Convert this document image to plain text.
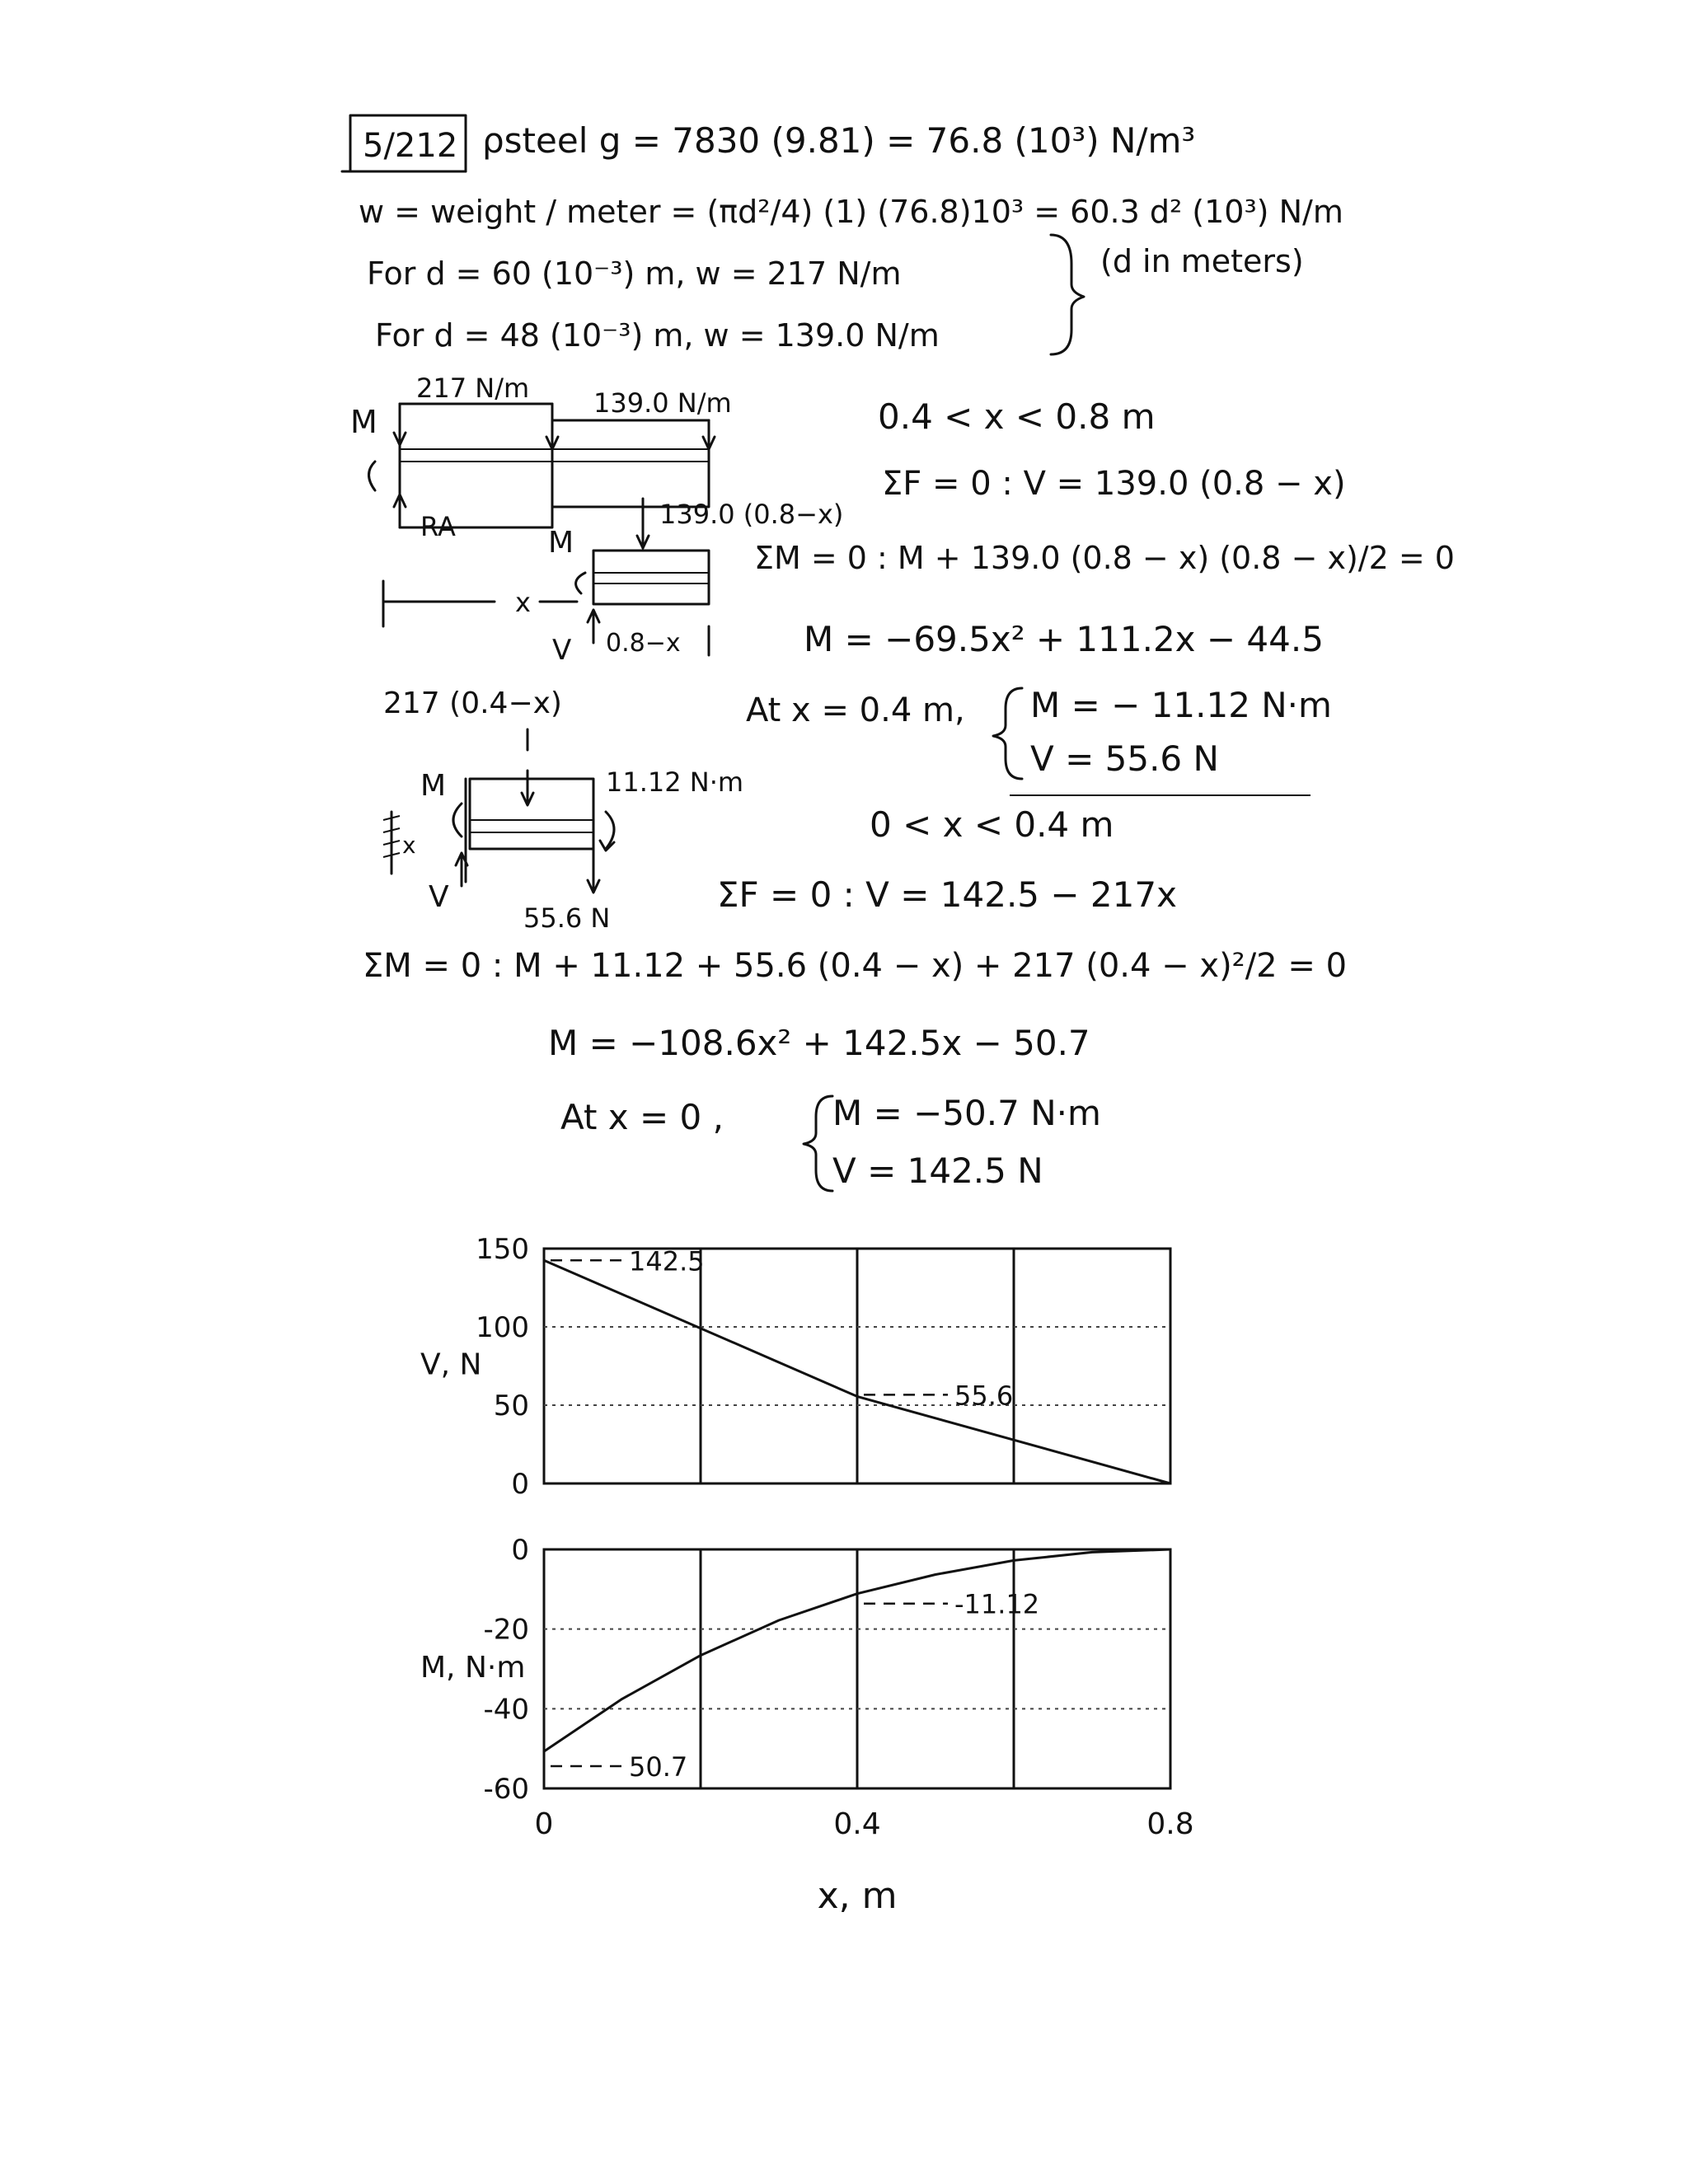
5/212 ρsteel g = 7830 (9.81) = 76.8 (10³) N/m³
w = weight / meter = (πd²/4) (1) (76.8)10³ = 60.3 d² (10³) N/m
For d = 60 (10⁻³) m, w = 217 N/m
For d = 48 (10⁻³) m, w = 139.0 N/m
(d in meters)
217 N/m 139.0 N/m
M
RA
x
139.0 (0.8−x)
M
V 0.8−x
0.4 < x < 0.8 m
ΣF = 0 : V = 139.0 (0.8 − x)
ΣM = 0 : M + 139.0 (0.8 − x) (0.8 − x)/2 = 0
M = −69.5x² + 111.2x − 44.5
At x = 0.4 m, M = − 11.12 N·m
V = 55.6 N
217 (0.4−x)
M
x
V
11.12 N·m
55.6 N
0 < x < 0.4 m
ΣF = 0 : V = 142.5 − 217x
ΣM = 0 : M + 11.12 + 55.6 (0.4 − x) + 217 (0.4 − x)²/2 = 0
M = −108.6x² + 142.5x − 50.7
At x = 0 ,	M = −50.7 N·m
V = 142.5 N
150
100
50
0
V, N
142.5
55.6
0
-20
-40
-60
M, N·m
50.7
-11.12
0	0.4	0.8
x, m
